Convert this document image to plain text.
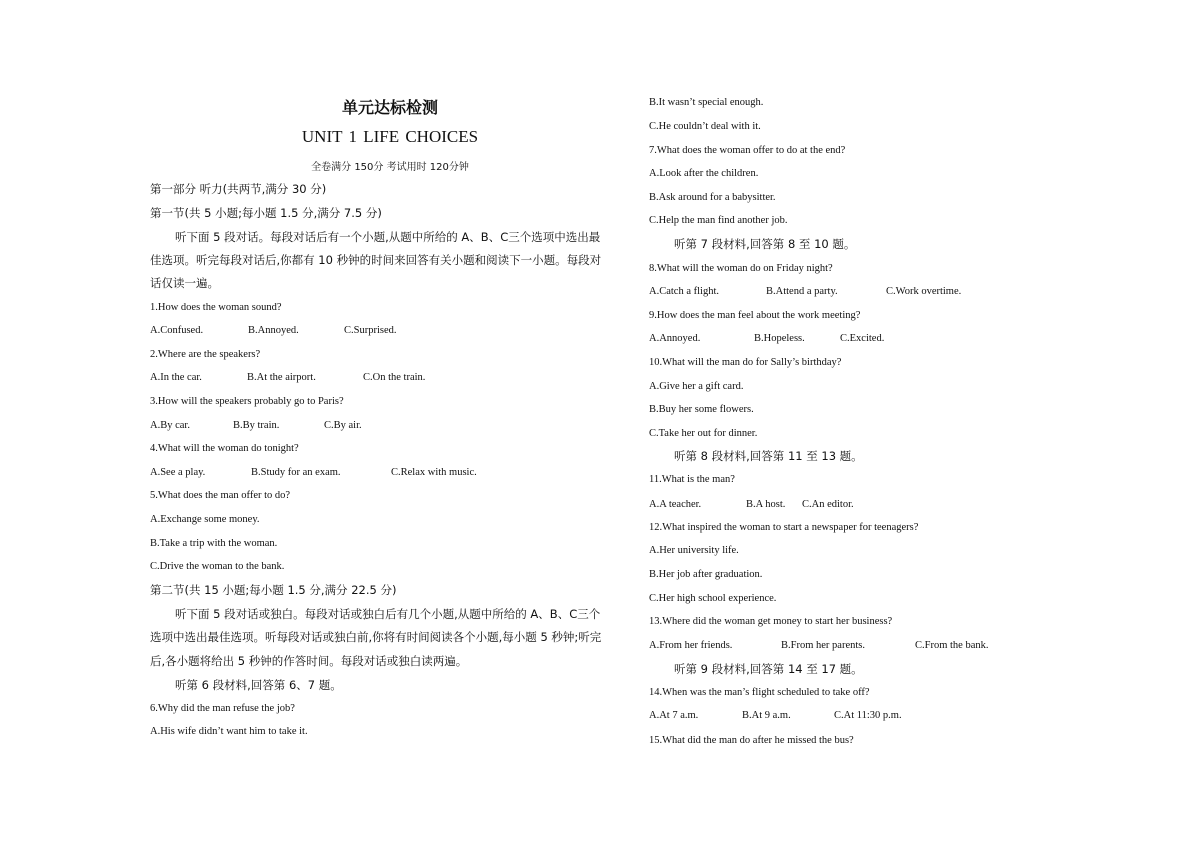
单元达标检测
UNIT 1 LIFE CHOICES
全卷满分 150分 考试用时 120分钟
第一部分 听力(共两节,满分 30 分)
第一节(共 5 小题;每小题 1.5 分,满分 7.5 分)
听下面 5 段对话。每段对话后有一个小题,从题中所给的 A、B、C三个选项中选出最
佳选项。听完每段对话后,你都有 10 秒钟的时间来回答有关小题和阅读下一小题。每段对
话仅读一遍。
1.How does the woman sound?
A.Confused.	B.Annoyed.	C.Surprised.
2.Where are the speakers?
A.In the car.	B.At the airport.	C.On the train.
3.How will the speakers probably go to Paris?
A.By car.	B.By train.	C.By air.
4.What will the woman do tonight?
A.See a play.	B.Study for an exam.	C.Relax with music.
5.What does the man offer to do?
A.Exchange some money.
B.Take a trip with the woman.
C.Drive the woman to the bank.
第二节(共 15 小题;每小题 1.5 分,满分 22.5 分)
听下面 5 段对话或独白。每段对话或独白后有几个小题,从题中所给的 A、B、C三个
选项中选出最佳选项。听每段对话或独白前,你将有时间阅读各个小题,每小题 5 秒钟;听完
后,各小题将给出 5 秒钟的作答时间。每段对话或独白读两遍。
听第 6 段材料,回答第 6、7 题。
6.Why did the man refuse the job?
A.His wife didn’t want him to take it.
B.It wasn’t special enough.
C.He couldn’t deal with it.
7.What does the woman offer to do at the end?
A.Look after the children.
B.Ask around for a babysitter.
C.Help the man find another job.
听第 7 段材料,回答第 8 至 10 题。
8.What will the woman do on Friday night?
A.Catch a flight.	B.Attend a party.	C.Work overtime.
9.How does the man feel about the work meeting?
A.Annoyed.	B.Hopeless.	C.Excited.
10.What will the man do for Sally’s birthday?
A.Give her a gift card.
B.Buy her some flowers.
C.Take her out for dinner.
听第 8 段材料,回答第 11 至 13 题。
11.What is the man?
A.A teacher.	B.A host. C.An editor.
12.What inspired the woman to start a newspaper for teenagers?
A.Her university life.
B.Her job after graduation.
C.Her high school experience.
13.Where did the woman get money to start her business?
A.From her friends.	B.From her parents.	C.From the bank.
听第 9 段材料,回答第 14 至 17 题。
14.When was the man’s flight scheduled to take off?
A.At 7 a.m.	B.At 9 a.m.	C.At 11:30 p.m.
15.What did the man do after he missed the bus?
